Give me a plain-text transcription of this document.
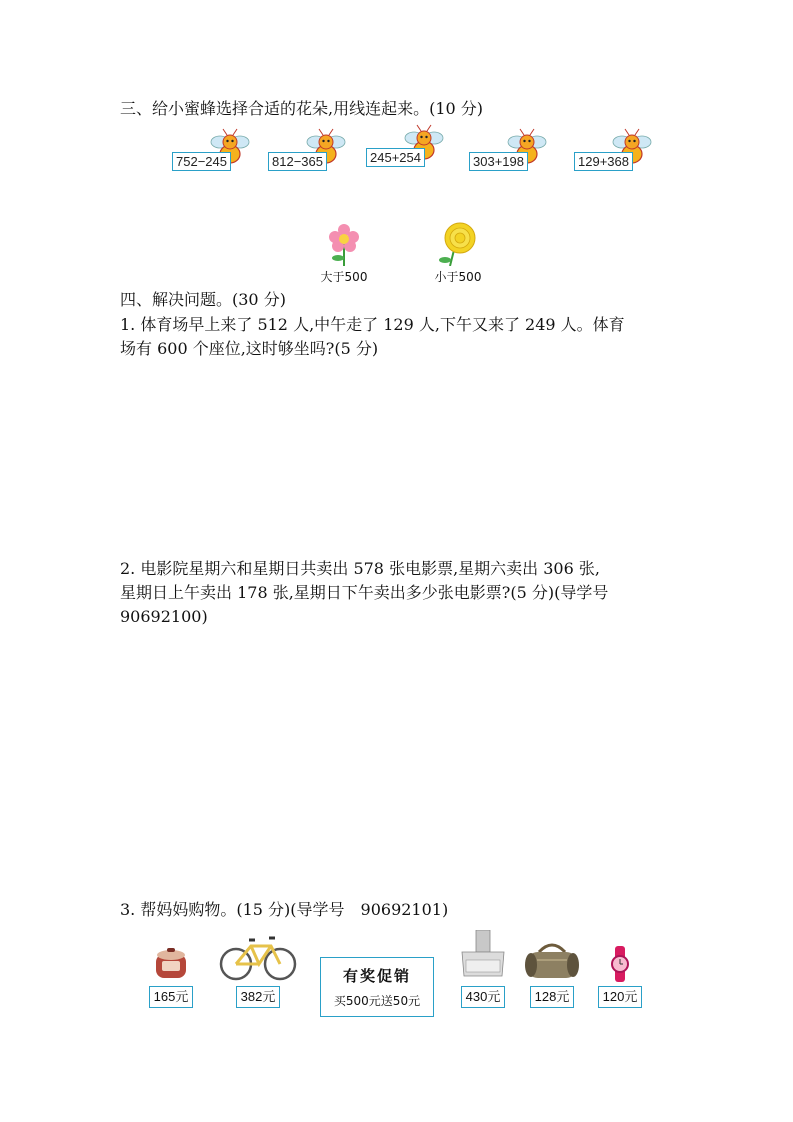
三、给小蜜蜂选择合适的花朵,用线连起来。(10 分)
752−245	812−365	245+254	303+198	129+368
大于500	小于500
四、解决问题。(30 分)
1. 体育场早上来了 512 人,中午走了 129 人,下午又来了 249 人。体育
场有 600 个座位,这时够坐吗?(5 分)
2. 电影院星期六和星期日共卖出 578 张电影票,星期六卖出 306 张,
星期日上午卖出 178 张,星期日下午卖出多少张电影票?(5 分)(导学号
90692100)
3. 帮妈妈购物。(15 分)(导学号　90692101)

165元	382元
有奖促销
买500元送50元	430元	128元	120元
